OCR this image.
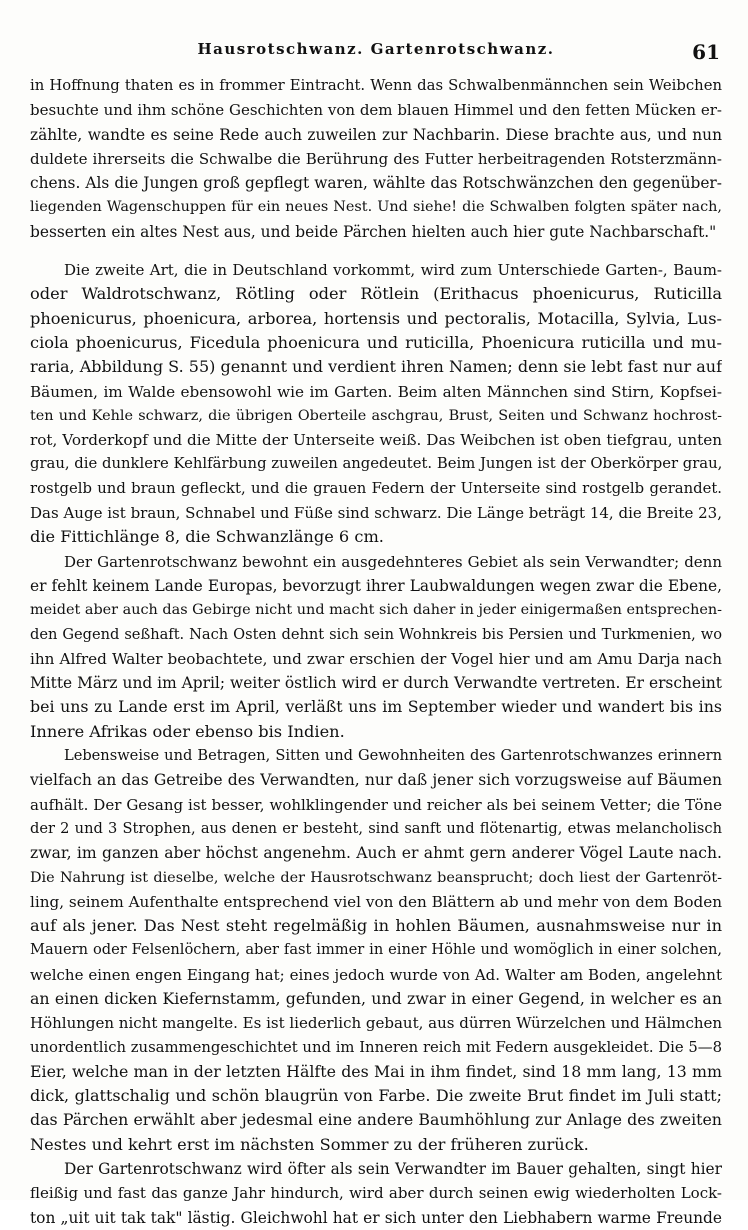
Hausrotschwanz. Gartenrotschwanz.	61
in Hoffnung thaten es in frommer Eintracht. Wenn das Schwalbenmännchen sein Weibchen
besuchte und ihm schöne Geschichten von dem blauen Himmel und den fetten Mücken er-
zählte, wandte es seine Rede auch zuweilen zur Nachbarin. Diese brachte aus, und nun
duldete ihrerseits die Schwalbe die Berührung des Futter herbeitragenden Rotsterzmänn-
chens. Als die Jungen groß gepflegt waren, wählte das Rotschwänzchen den gegenüber-
liegenden Wagenschuppen für ein neues Nest. Und siehe! die Schwalben folgten später nach,
besserten ein altes Nest aus, und beide Pärchen hielten auch hier gute Nachbarschaft."
Die zweite Art, die in Deutschland vorkommt, wird zum Unterschiede Garten-, Baum-
oder Waldrotschwanz, Rötling oder Rötlein (Erithacus phoenicurus, Ruticilla
phoenicurus, phoenicura, arborea, hortensis und pectoralis, Motacilla, Sylvia, Lus-
ciola phoenicurus, Ficedula phoenicura und ruticilla, Phoenicura ruticilla und mu-
raria, Abbildung S. 55) genannt und verdient ihren Namen; denn sie lebt fast nur auf
Bäumen, im Walde ebensowohl wie im Garten. Beim alten Männchen sind Stirn, Kopfsei-
ten und Kehle schwarz, die übrigen Oberteile aschgrau, Brust, Seiten und Schwanz hochrost-
rot, Vorderkopf und die Mitte der Unterseite weiß. Das Weibchen ist oben tiefgrau, unten
grau, die dunklere Kehlfärbung zuweilen angedeutet. Beim Jungen ist der Oberkörper grau,
rostgelb und braun gefleckt, und die grauen Federn der Unterseite sind rostgelb gerandet.
Das Auge ist braun, Schnabel und Füße sind schwarz. Die Länge beträgt 14, die Breite 23,
die Fittichlänge 8, die Schwanzlänge 6 cm.
Der Gartenrotschwanz bewohnt ein ausgedehnteres Gebiet als sein Verwandter; denn
er fehlt keinem Lande Europas, bevorzugt ihrer Laubwaldungen wegen zwar die Ebene,
meidet aber auch das Gebirge nicht und macht sich daher in jeder einigermaßen entsprechen-
den Gegend seßhaft. Nach Osten dehnt sich sein Wohnkreis bis Persien und Turkmenien, wo
ihn Alfred Walter beobachtete, und zwar erschien der Vogel hier und am Amu Darja nach
Mitte März und im April; weiter östlich wird er durch Verwandte vertreten. Er erscheint
bei uns zu Lande erst im April, verläßt uns im September wieder und wandert bis ins
Innere Afrikas oder ebenso bis Indien.
Lebensweise und Betragen, Sitten und Gewohnheiten des Gartenrotschwanzes erinnern
vielfach an das Getreibe des Verwandten, nur daß jener sich vorzugsweise auf Bäumen
aufhält. Der Gesang ist besser, wohlklingender und reicher als bei seinem Vetter; die Töne
der 2 und 3 Strophen, aus denen er besteht, sind sanft und flötenartig, etwas melancholisch
zwar, im ganzen aber höchst angenehm. Auch er ahmt gern anderer Vögel Laute nach.
Die Nahrung ist dieselbe, welche der Hausrotschwanz beansprucht; doch liest der Gartenröt-
ling, seinem Aufenthalte entsprechend viel von den Blättern ab und mehr von dem Boden
auf als jener. Das Nest steht regelmäßig in hohlen Bäumen, ausnahmsweise nur in
Mauern oder Felsenlöchern, aber fast immer in einer Höhle und womöglich in einer solchen,
welche einen engen Eingang hat; eines jedoch wurde von Ad. Walter am Boden, angelehnt
an einen dicken Kiefernstamm, gefunden, und zwar in einer Gegend, in welcher es an
Höhlungen nicht mangelte. Es ist liederlich gebaut, aus dürren Würzelchen und Hälmchen
unordentlich zusammengeschichtet und im Inneren reich mit Federn ausgekleidet. Die 5—8
Eier, welche man in der letzten Hälfte des Mai in ihm findet, sind 18 mm lang, 13 mm
dick, glattschalig und schön blaugrün von Farbe. Die zweite Brut findet im Juli statt;
das Pärchen erwählt aber jedesmal eine andere Baumhöhlung zur Anlage des zweiten
Nestes und kehrt erst im nächsten Sommer zu der früheren zurück.
Der Gartenrotschwanz wird öfter als sein Verwandter im Bauer gehalten, singt hier
fleißig und fast das ganze Jahr hindurch, wird aber durch seinen ewig wiederholten Lock-
ton „uit uit tak tak" lästig. Gleichwohl hat er sich unter den Liebhabern warme Freunde
